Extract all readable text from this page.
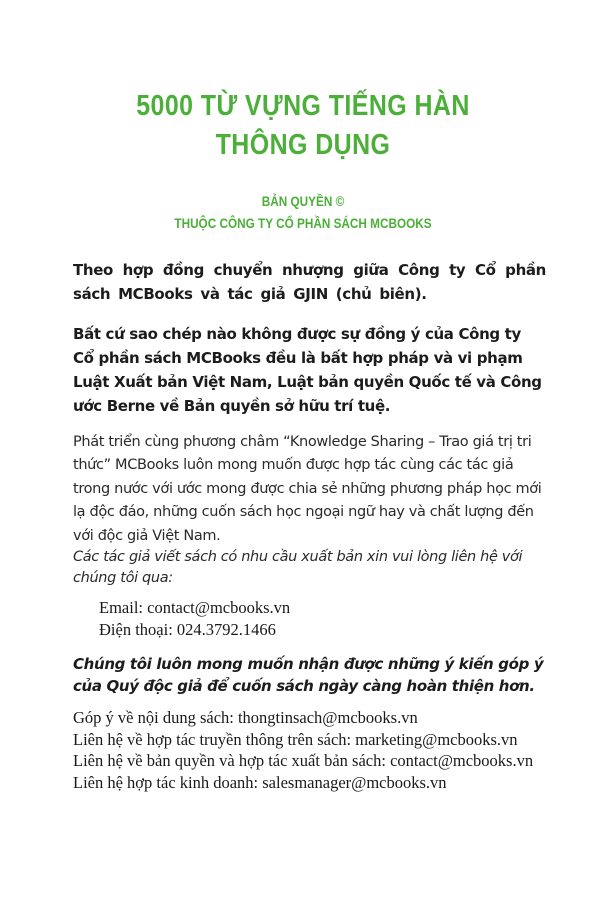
5000 TỪ VỰNG TIẾNG HÀN
THÔNG DỤNG
BẢN QUYỀN ©
THUỘC CÔNG TY CỔ PHẦN SÁCH MCBOOKS
Theo hợp đồng chuyển nhượng giữa Công ty Cổ phần sách MCBooks và tác giả GJIN (chủ biên).
Bất cứ sao chép nào không được sự đồng ý của Công ty Cổ phần sách MCBooks đều là bất hợp pháp và vi phạm Luật Xuất bản Việt Nam, Luật bản quyền Quốc tế và Công ước Berne về Bản quyền sở hữu trí tuệ.
Phát triển cùng phương châm “Knowledge Sharing – Trao giá trị tri thức” MCBooks luôn mong muốn được hợp tác cùng các tác giả trong nước với ước mong được chia sẻ những phương pháp học mới lạ độc đáo, những cuốn sách học ngoại ngữ hay và chất lượng đến với độc giả Việt Nam.
Các tác giả viết sách có nhu cầu xuất bản xin vui lòng liên hệ với chúng tôi qua:
Email: contact@mcbooks.vn
Điện thoại: 024.3792.1466
Chúng tôi luôn mong muốn nhận được những ý kiến góp ý của Quý độc giả để cuốn sách ngày càng hoàn thiện hơn.
Góp ý về nội dung sách: thongtinsach@mcbooks.vn
Liên hệ về hợp tác truyền thông trên sách: marketing@mcbooks.vn
Liên hệ về bản quyền và hợp tác xuất bản sách: contact@mcbooks.vn
Liên hệ hợp tác kinh doanh: salesmanager@mcbooks.vn
